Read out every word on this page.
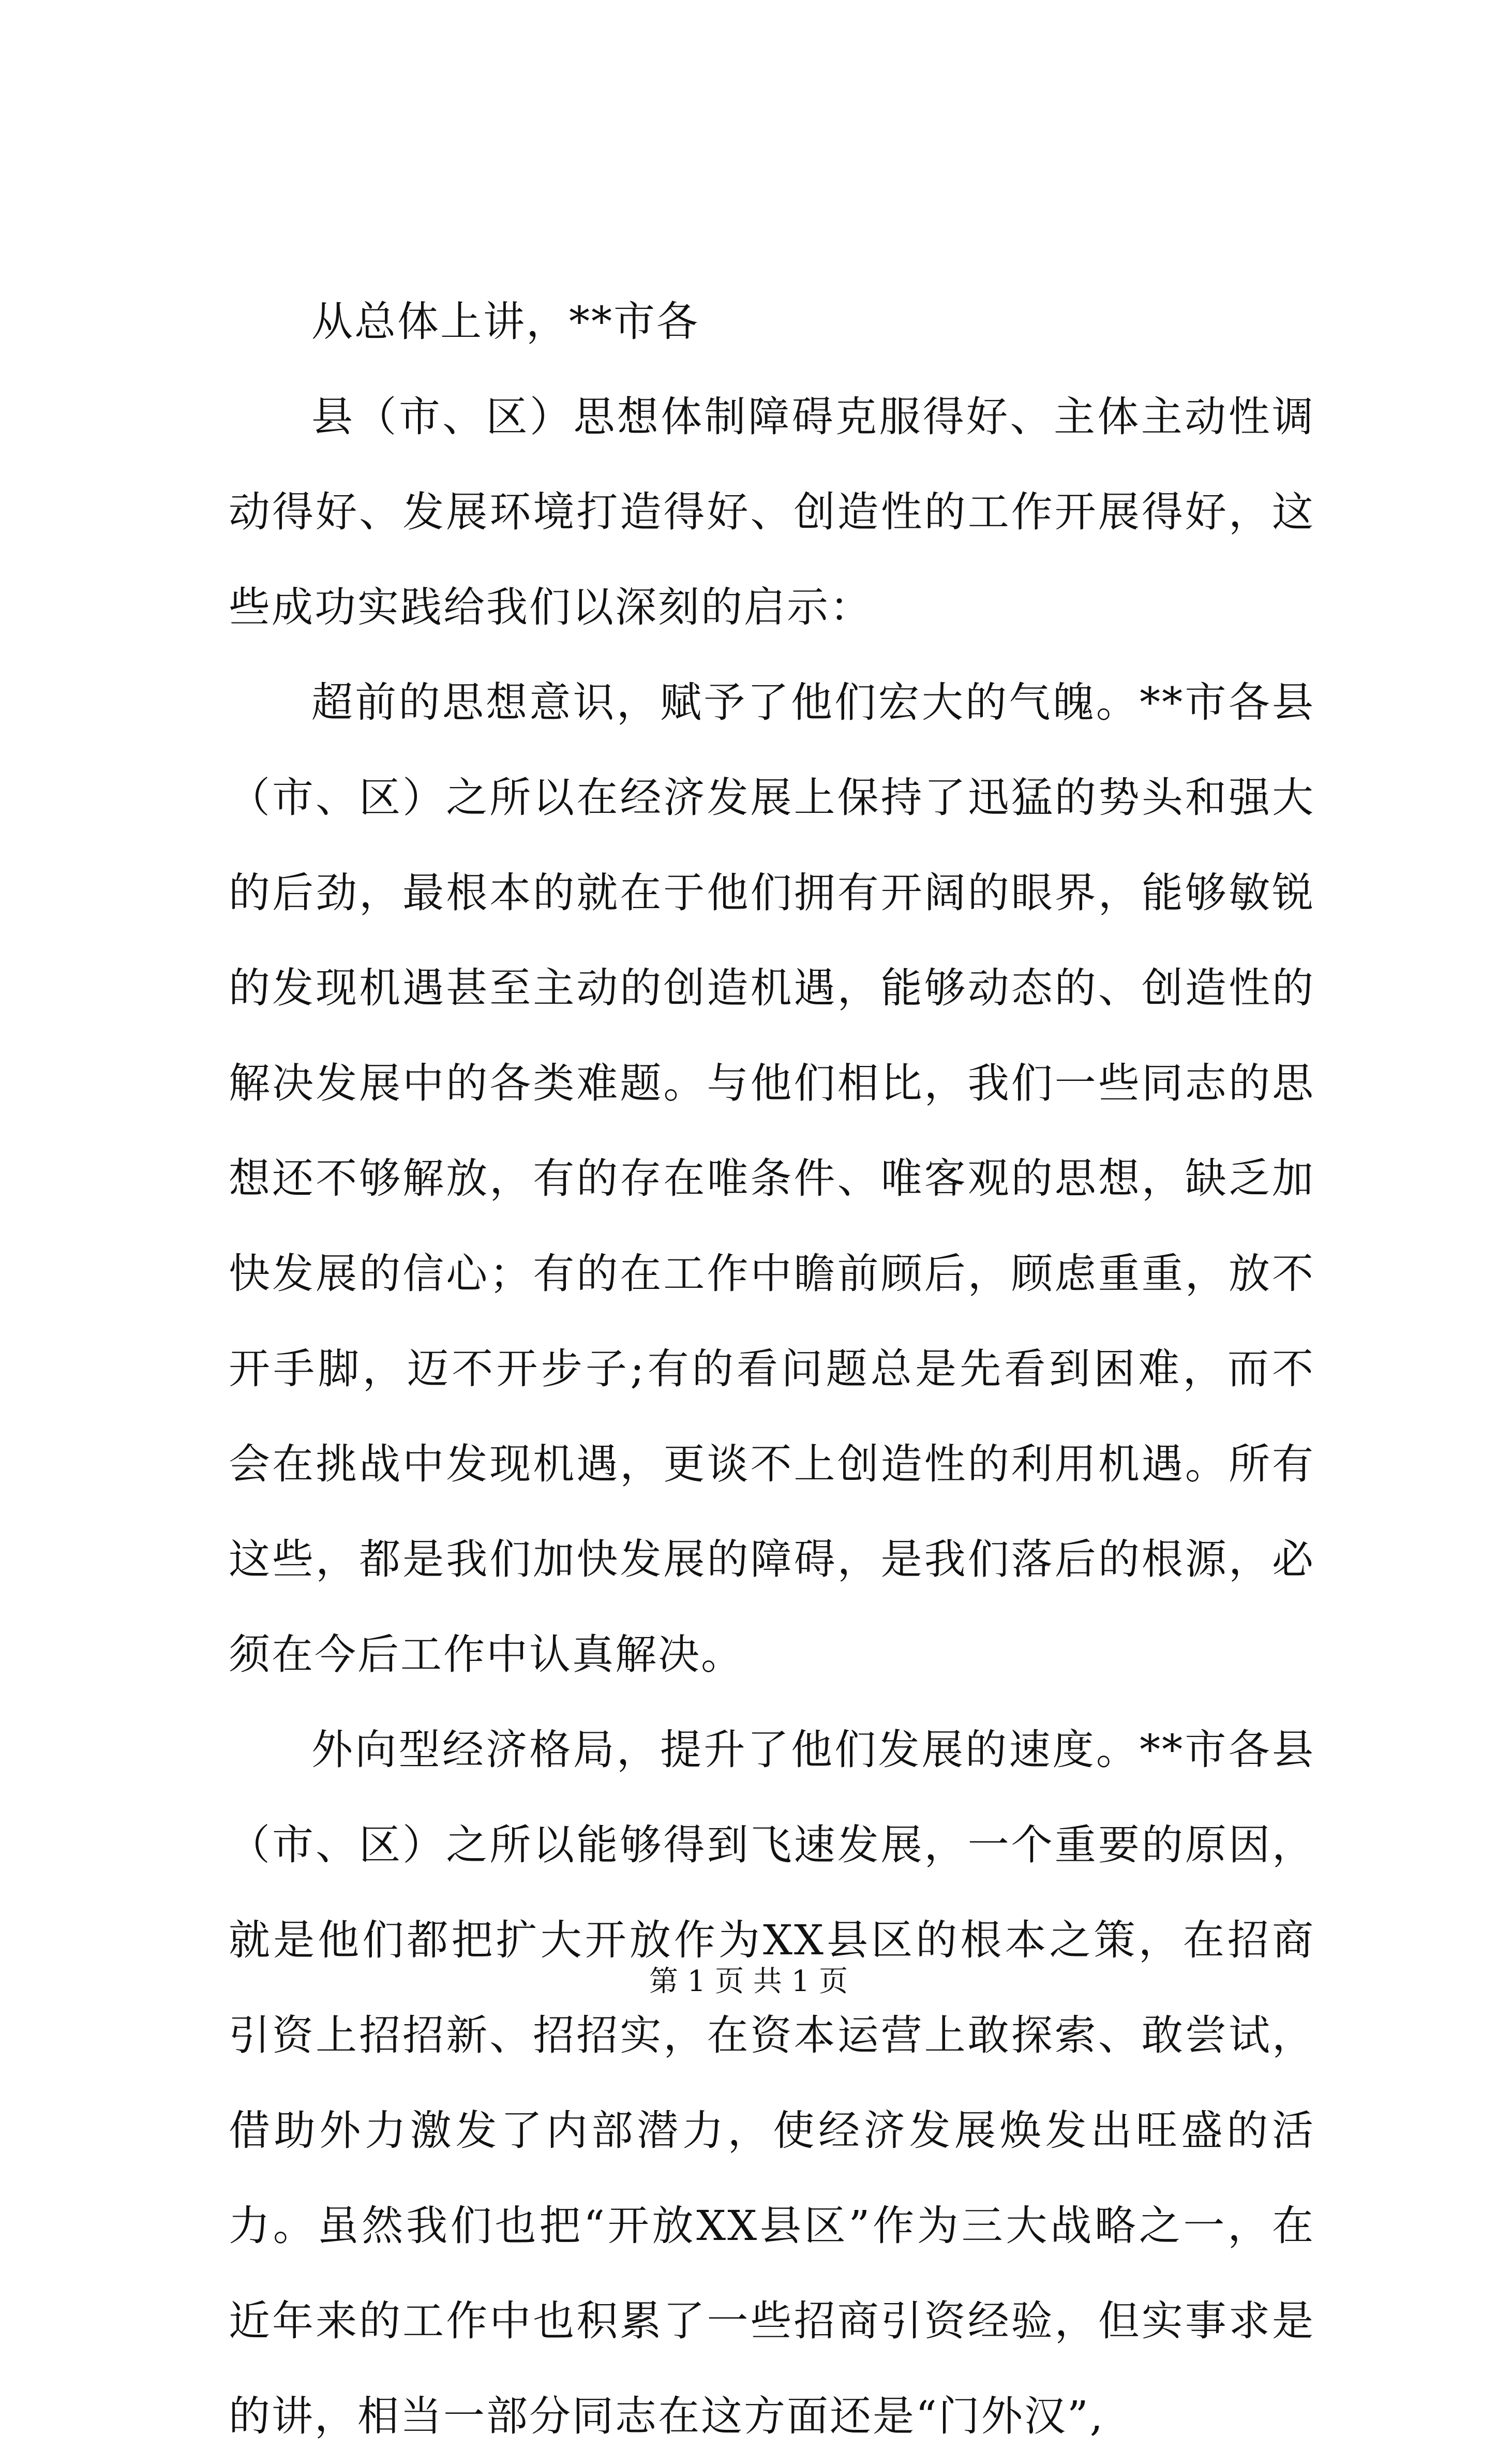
从总体上讲，**市各

县（市、区）思想体制障碍克服得好、主体主动性调动得好、发展环境打造得好、创造性的工作开展得好，这些成功实践给我们以深刻的启示：

超前的思想意识，赋予了他们宏大的气魄。**市各县（市、区）之所以在经济发展上保持了迅猛的势头和强大的后劲，最根本的就在于他们拥有开阔的眼界，能够敏锐的发现机遇甚至主动的创造机遇，能够动态的、创造性的解决发展中的各类难题。与他们相比，我们一些同志的思想还不够解放，有的存在唯条件、唯客观的思想，缺乏加快发展的信心；有的在工作中瞻前顾后，顾虑重重，放不开手脚，迈不开步子;有的看问题总是先看到困难，而不会在挑战中发现机遇，更谈不上创造性的利用机遇。所有这些，都是我们加快发展的障碍，是我们落后的根源，必须在今后工作中认真解决。

外向型经济格局，提升了他们发展的速度。**市各县（市、区）之所以能够得到飞速发展，一个重要的原因，就是他们都把扩大开放作为XX县区的根本之策，在招商引资上招招新、招招实，在资本运营上敢探索、敢尝试，借助外力激发了内部潜力，使经济发展焕发出旺盛的活力。虽然我们也把“开放XX县区”作为三大战略之一，在近年来的工作中也积累了一些招商引资经验，但实事求是的讲，相当一部分同志在这方面还是“门外汉”,

第 1 页 共 1 页
